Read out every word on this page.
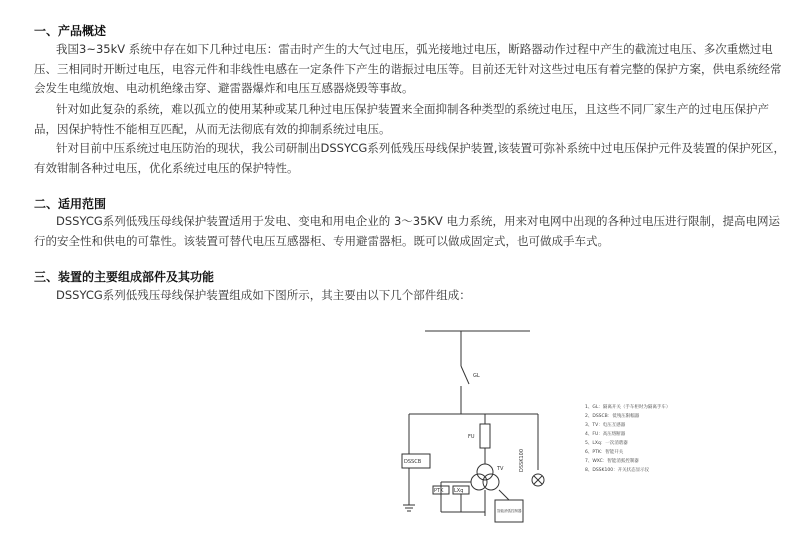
一、产品概述

我国3~35kV 系统中存在如下几种过电压：雷击时产生的大气过电压，弧光接地过电压，断路器动作过程中产生的截流过电压、多次重燃过电压、三相同时开断过电压，电容元件和非线性电感在一定条件下产生的谐振过电压等。目前还无针对这些过电压有着完整的保护方案，供电系统经常会发生电缆放炮、电动机绝缘击穿、避雷器爆炸和电压互感器烧毁等事故。

针对如此复杂的系统，难以孤立的使用某种或某几种过电压保护装置来全面抑制各种类型的系统过电压，且这些不同厂家生产的过电压保护产品，因保护特性不能相互匹配，从而无法彻底有效的抑制系统过电压。

针对目前中压系统过电压防治的现状，我公司研制出DSSYCG系列低残压母线保护装置,该装置可弥补系统中过电压保护元件及装置的保护死区，有效钳制各种过电压，优化系统过电压的保护特性。

二、适用范围

DSSYCG系列低残压母线保护装置适用于发电、变电和用电企业的 3～35KV 电力系统，用来对电网中出现的各种过电压进行限制，提高电网运行的安全性和供电的可靠性。该装置可替代电压互感器柜、专用避雷器柜。既可以做成固定式，也可做成手车式。

三、装置的主要组成部件及其功能

DSSYCG系列低残压母线保护装置组成如下图所示，其主要由以下几个部件组成：

GL
FU
TV
DSSCB
PTK LXq
DSSK100
智能消弧控制器
1、GL：隔离开关（手车柜时为隔离手车）
2、DSSCB：低残压限幅器
3、TV：电压互感器
4、FU：高压熔断器
5、LXq：一次消谐器
6、PTK：智能开关
7、WXC：智能消弧控制器
8、DSSK100：开关状态显示仪
